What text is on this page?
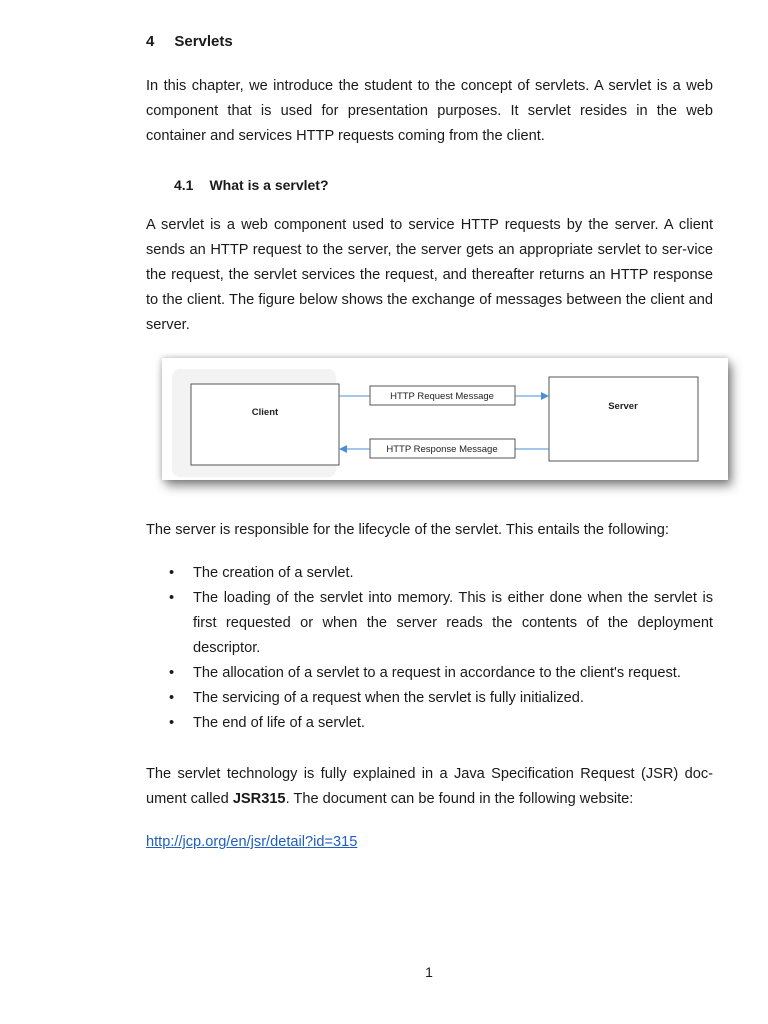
4 Servlets

In this chapter, we introduce the student to the concept of servlets. A servlet is a web component that is used for presentation purposes. It servlet resides in the web container and services HTTP requests coming from the client.

4.1 What is a servlet?

A servlet is a web component used to service HTTP requests by the server. A client sends an HTTP request to the server, the server gets an appropriate servlet to ser-vice the request, the servlet services the request, and thereafter returns an HTTP response to the client. The figure below shows the exchange of messages between the client and server.

Client
Server
HTTP Request Message
HTTP Response Message

The server is responsible for the lifecycle of the servlet. This entails the following:

• The creation of a servlet.
• The loading of the servlet into memory. This is either done when the servlet is first requested or when the server reads the contents of the deployment descriptor.
• The allocation of a servlet to a request in accordance to the client's request.
• The servicing of a request when the servlet is fully initialized.
• The end of life of a servlet.

The servlet technology is fully explained in a Java Specification Request (JSR) doc-ument called JSR315. The document can be found in the following website:

http://jcp.org/en/jsr/detail?id=315
1
